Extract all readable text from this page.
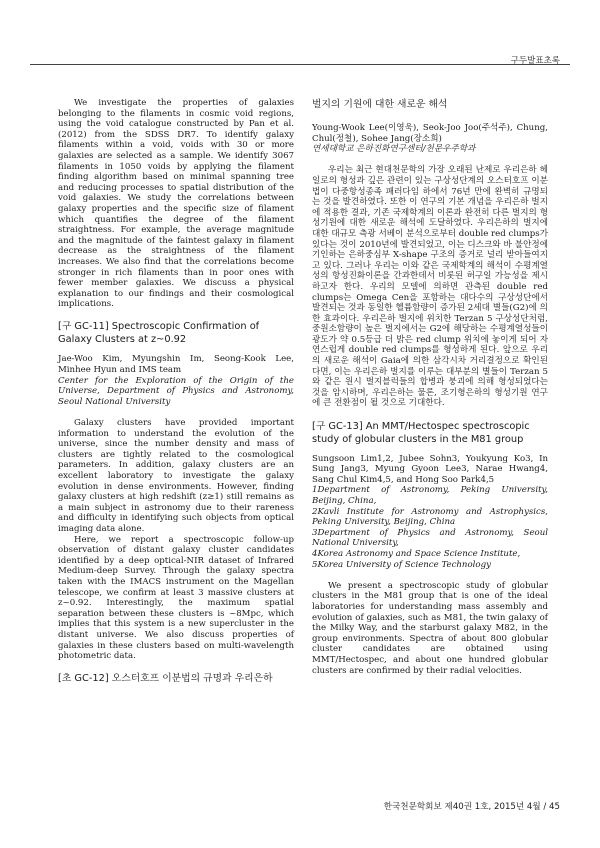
구두발표초록

We investigate the properties of galaxies belonging to the filaments in cosmic void regions, using the void catalogue constructed by Pan et al. (2012) from the SDSS DR7. To identify galaxy filaments within a void, voids with 30 or more galaxies are selected as a sample. We identify 3067 filaments in 1050 voids by applying the filament finding algorithm based on minimal spanning tree and reducing processes to spatial distribution of the void galaxies. We study the correlations between galaxy properties and the specific size of filament which quantifies the degree of the filament straightness. For example, the average magnitude and the magnitude of the faintest galaxy in filament decrease as the straightness of the filament increases. We also find that the correlations become stronger in rich filaments than in poor ones with fewer member galaxies. We discuss a physical explanation to our findings and their cosmological implications.

[구 GC-11] Spectroscopic Confirmation of Galaxy Clusters at z~0.92

Jae-Woo Kim, Myungshin Im, Seong-Kook Lee, Minhee Hyun and IMS team

Center for the Exploration of the Origin of the Universe, Department of Physics and Astronomy, Seoul National University

Galaxy clusters have provided important information to understand the evolution of the universe, since the number density and mass of clusters are tightly related to the cosmological parameters. In addition, galaxy clusters are an excellent laboratory to investigate the galaxy evolution in dense environments. However, finding galaxy clusters at high redshift (z≥1) still remains as a main subject in astronomy due to their rareness and difficulty in identifying such objects from optical imaging data alone.

Here, we report a spectroscopic follow-up observation of distant galaxy cluster candidates identified by a deep optical-NIR dataset of Infrared Medium-deep Survey. Through the galaxy spectra taken with the IMACS instrument on the Magellan telescope, we confirm at least 3 massive clusters at z~0.92. Interestingly, the maximum spatial separation between these clusters is ~8Mpc, which implies that this system is a new supercluster in the distant universe. We also discuss properties of galaxies in these clusters based on multi-wavelength photometric data.

[초 GC-12] 오스터호프 이분법의 규명과 우리은하
벌지의 기원에 대한 새로운 해석

Young-Wook Lee(이영욱), Seok-Joo Joo(주석주), Chung, Chul(정철), Sohee Jang(장소희)

연세대학교 은하진화연구센터/천문우주학과

우리는 최근 현대천문학의 가장 오래된 난제로 우리은하 헤일로의 형성과 깊은 관련이 있는 구상성단계의 오스터호프 이분법이 다중항성종족 패러다임 하에서 76년 만에 완벽히 규명되는 것을 발견하였다. 또한 이 연구의 기본 개념을 우리은하 벌지에 적용한 결과, 기존 국제학계의 이론과 완전히 다른 벌지의 형성기원에 대한 새로운 해석에 도달하였다. 우리은하의 벌지에 대한 대규모 측광 서베이 분석으로부터 double red clumps가 있다는 것이 2010년에 발견되었고, 이는 디스크와 바 불안정에 기인하는 은하중심부 X-shape 구조의 증거로 널리 받아들여지고 있다. 그러나 우리는 이와 같은 국제학계의 해석이 수평계열성의 항성진화이론을 간과한데서 비롯된 허구일 가능성을 제시하고자 한다. 우리의 모델에 의하면 관측된 double red clumps는 Omega Cen을 포함하는 대다수의 구상성단에서 발견되는 것과 동일한 헬륨함량이 증가된 2세대 별들(G2)에 의한 효과이다. 우리은하 벌지에 위치한 Terzan 5 구상성단처럼, 중원소함량이 높은 벌지에서는 G2에 해당하는 수평계열성들이 광도가 약 0.5등급 더 밝은 red clump 위치에 놓이게 되어 자연스럽게 double red clumps를 형성하게 된다. 앞으로 우리의 새로운 해석이 Gaia에 의한 삼각시차 거리결정으로 확인된다면, 이는 우리은하 벌지를 이루는 대부분의 별들이 Terzan 5와 같은 원시 벌지블럭들의 합병과 붕괴에 의해 형성되었다는 것을 암시하며, 우리은하는 물론, 조기형은하의 형성기원 연구에 큰 전환점이 될 것으로 기대한다.

[구 GC-13] An MMT/Hectospec spectroscopic study of globular clusters in the M81 group

Sungsoon Lim1,2, Jubee Sohn3, Youkyung Ko3, In Sung Jang3, Myung Gyoon Lee3, Narae Hwang4, Sang Chul Kim4,5, and Hong Soo Park4,5

1Department of Astronomy, Peking University, Beijing, China,

2Kavli Institute for Astronomy and Astrophysics, Peking University, Beijing, China

3Department of Physics and Astronomy, Seoul National University,

4Korea Astronomy and Space Science Institute,

5Korea University of Science Technology

We present a spectroscopic study of globular clusters in the M81 group that is one of the ideal laboratories for understanding mass assembly and evolution of galaxies, such as M81, the twin galaxy of the Milky Way, and the starburst galaxy M82, in the group environments. Spectra of about 800 globular cluster candidates are obtained using MMT/Hectospec, and about one hundred globular clusters are confirmed by their radial velocities.

한국천문학회보 제40권 1호, 2015년 4월 / 45
